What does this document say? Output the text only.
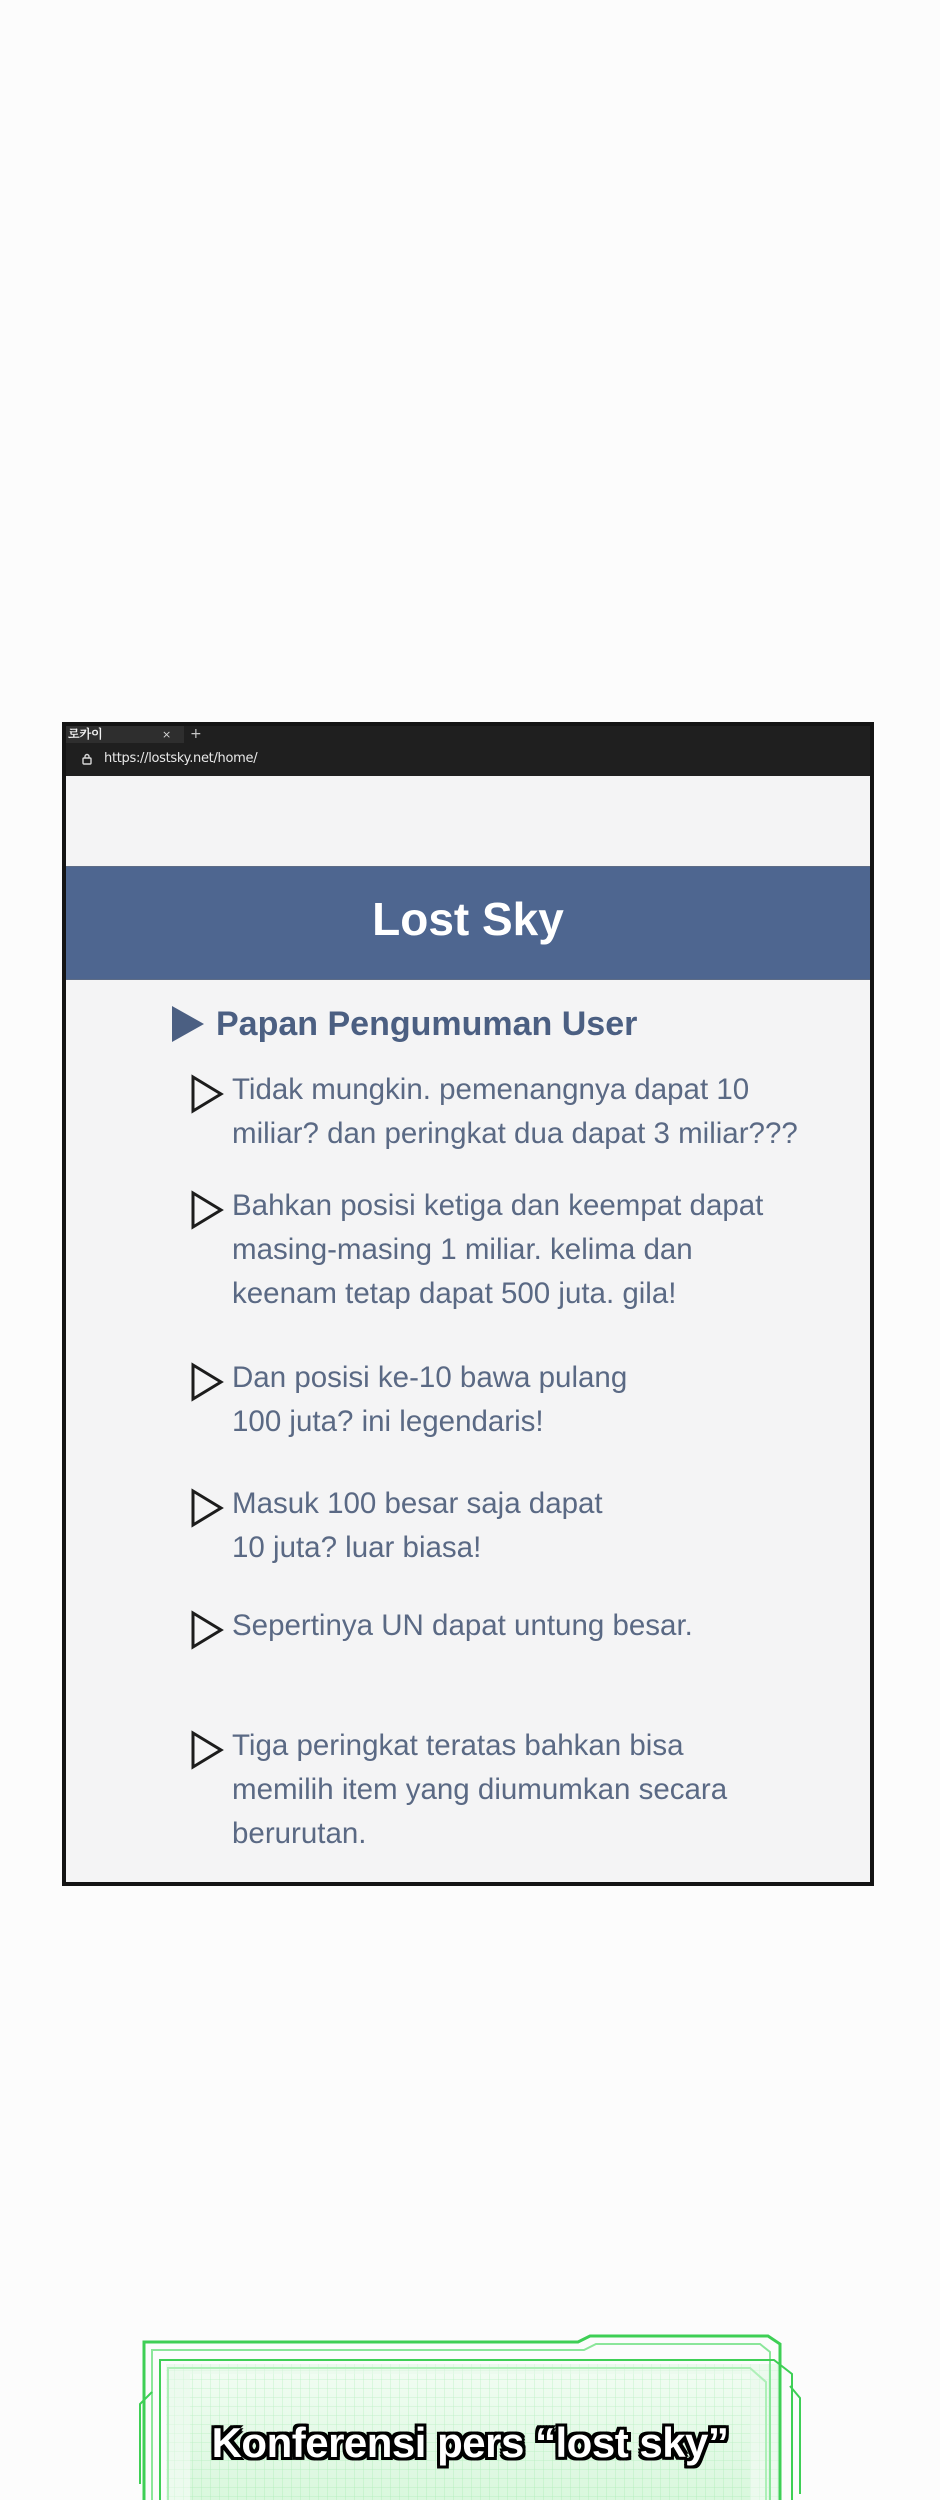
로카이	× +
https://lostsky.net/home/
Lost Sky
Papan Pengumuman User
Tidak mungkin. pemenangnya dapat 10
miliar? dan peringkat dua dapat 3 miliar???
Bahkan posisi ketiga dan keempat dapat
masing-masing 1 miliar. kelima dan
keenam tetap dapat 500 juta. gila!
Dan posisi ke-10 bawa pulang
100 juta? ini legendaris!
Masuk 100 besar saja dapat
10 juta? luar biasa!
Sepertinya UN dapat untung besar.
Tiga peringkat teratas bahkan bisa
memilih item yang diumumkan secara
berurutan.
Konferensi pers “lost sky”
